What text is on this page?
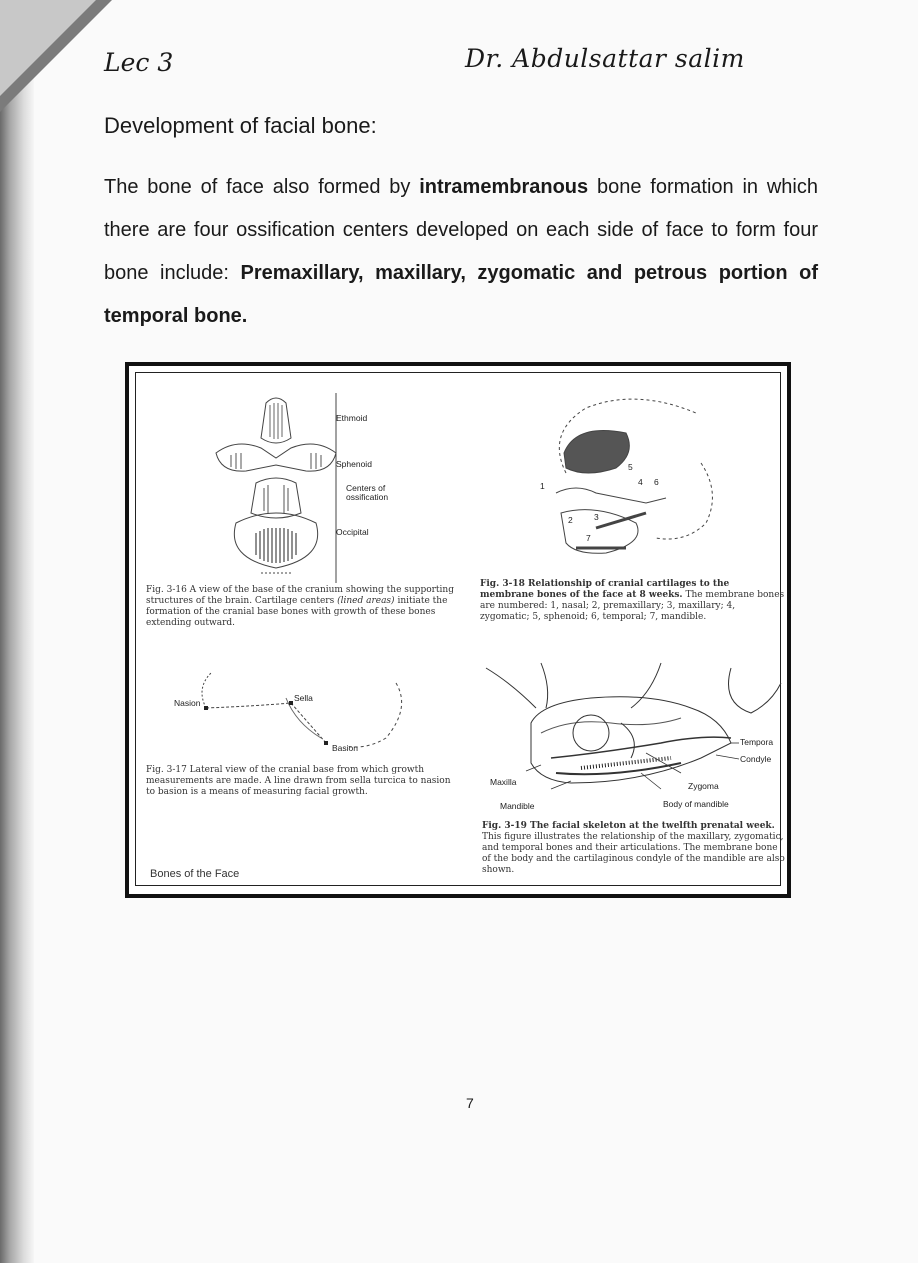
Lec 3	Dr. Abdulsattar salim
Development of facial bone:

The bone of face also formed by intramembranous bone formation in which there are four ossification centers developed on each side of face to form four bone include: Premaxillary, maxillary, zygomatic and petrous portion of temporal bone.

Ethmoid
Sphenoid
Centers of
ossification
Occipital

Fig. 3-16 A view of the base of the cranium showing the supporting structures of the brain. Cartilage centers (lined areas) initiate the formation of the cranial base bones with growth of these bones extending outward.

1
2	3
4
5
6
7

Fig. 3-18 Relationship of cranial cartilages to the membrane bones of the face at 8 weeks. The membrane bones are numbered: 1, nasal; 2, premaxillary; 3, maxillary; 4, zygomatic; 5, sphenoid; 6, temporal; 7, mandible.

Nasion	Sella
Basion

Fig. 3-17 Lateral view of the cranial base from which growth measurements are made. A line drawn from sella turcica to nasion to basion is a means of measuring facial growth.

Tempora
Condyle
Maxilla	Zygoma
Mandible	Body of mandible

Fig. 3-19 The facial skeleton at the twelfth prenatal week. This figure illustrates the relationship of the maxillary, zygomatic, and temporal bones and their articulations. The membrane bone of the body and the cartilaginous condyle of the mandible are also shown.

Bones of the Face
7
